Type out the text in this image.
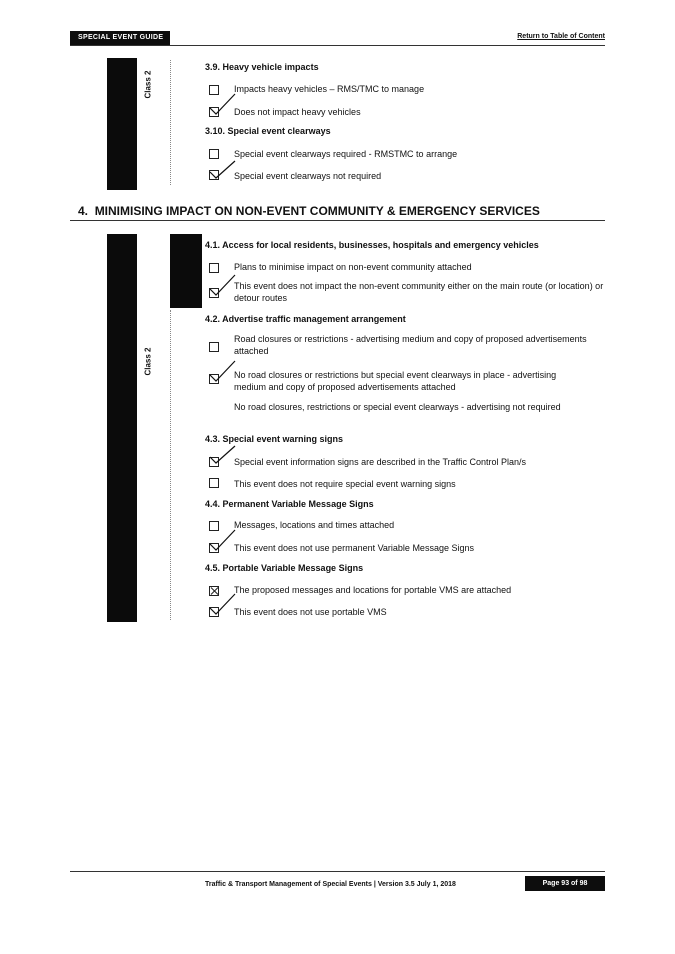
SPECIAL EVENT GUIDE	Return to Table of Content
Class 2
3.9. Heavy vehicle impacts
Impacts heavy vehicles – RMS/TMC to manage
Does not impact heavy vehicles
3.10. Special event clearways
Special event clearways required - RMSTMC to arrange
Special event clearways not required
4. MINIMISING IMPACT ON NON-EVENT COMMUNITY & EMERGENCY SERVICES
Class 2
4.1. Access for local residents, businesses, hospitals and emergency vehicles
Plans to minimise impact on non-event community attached
This event does not impact the non-event community either on the main route (or location) or detour routes
4.2. Advertise traffic management arrangement
Road closures or restrictions - advertising medium and copy of proposed advertisements attached
No road closures or restrictions but special event clearways in place - advertising medium and copy of proposed advertisements attached
No road closures, restrictions or special event clearways - advertising not required
4.3. Special event warning signs
Special event information signs are described in the Traffic Control Plan/s
This event does not require special event warning signs
4.4. Permanent Variable Message Signs
Messages, locations and times attached
This event does not use permanent Variable Message Signs
4.5. Portable Variable Message Signs
The proposed messages and locations for portable VMS are attached
This event does not use portable VMS
Traffic & Transport Management of Special Events | Version 3.5 July 1, 2018	Page 93 of 98
